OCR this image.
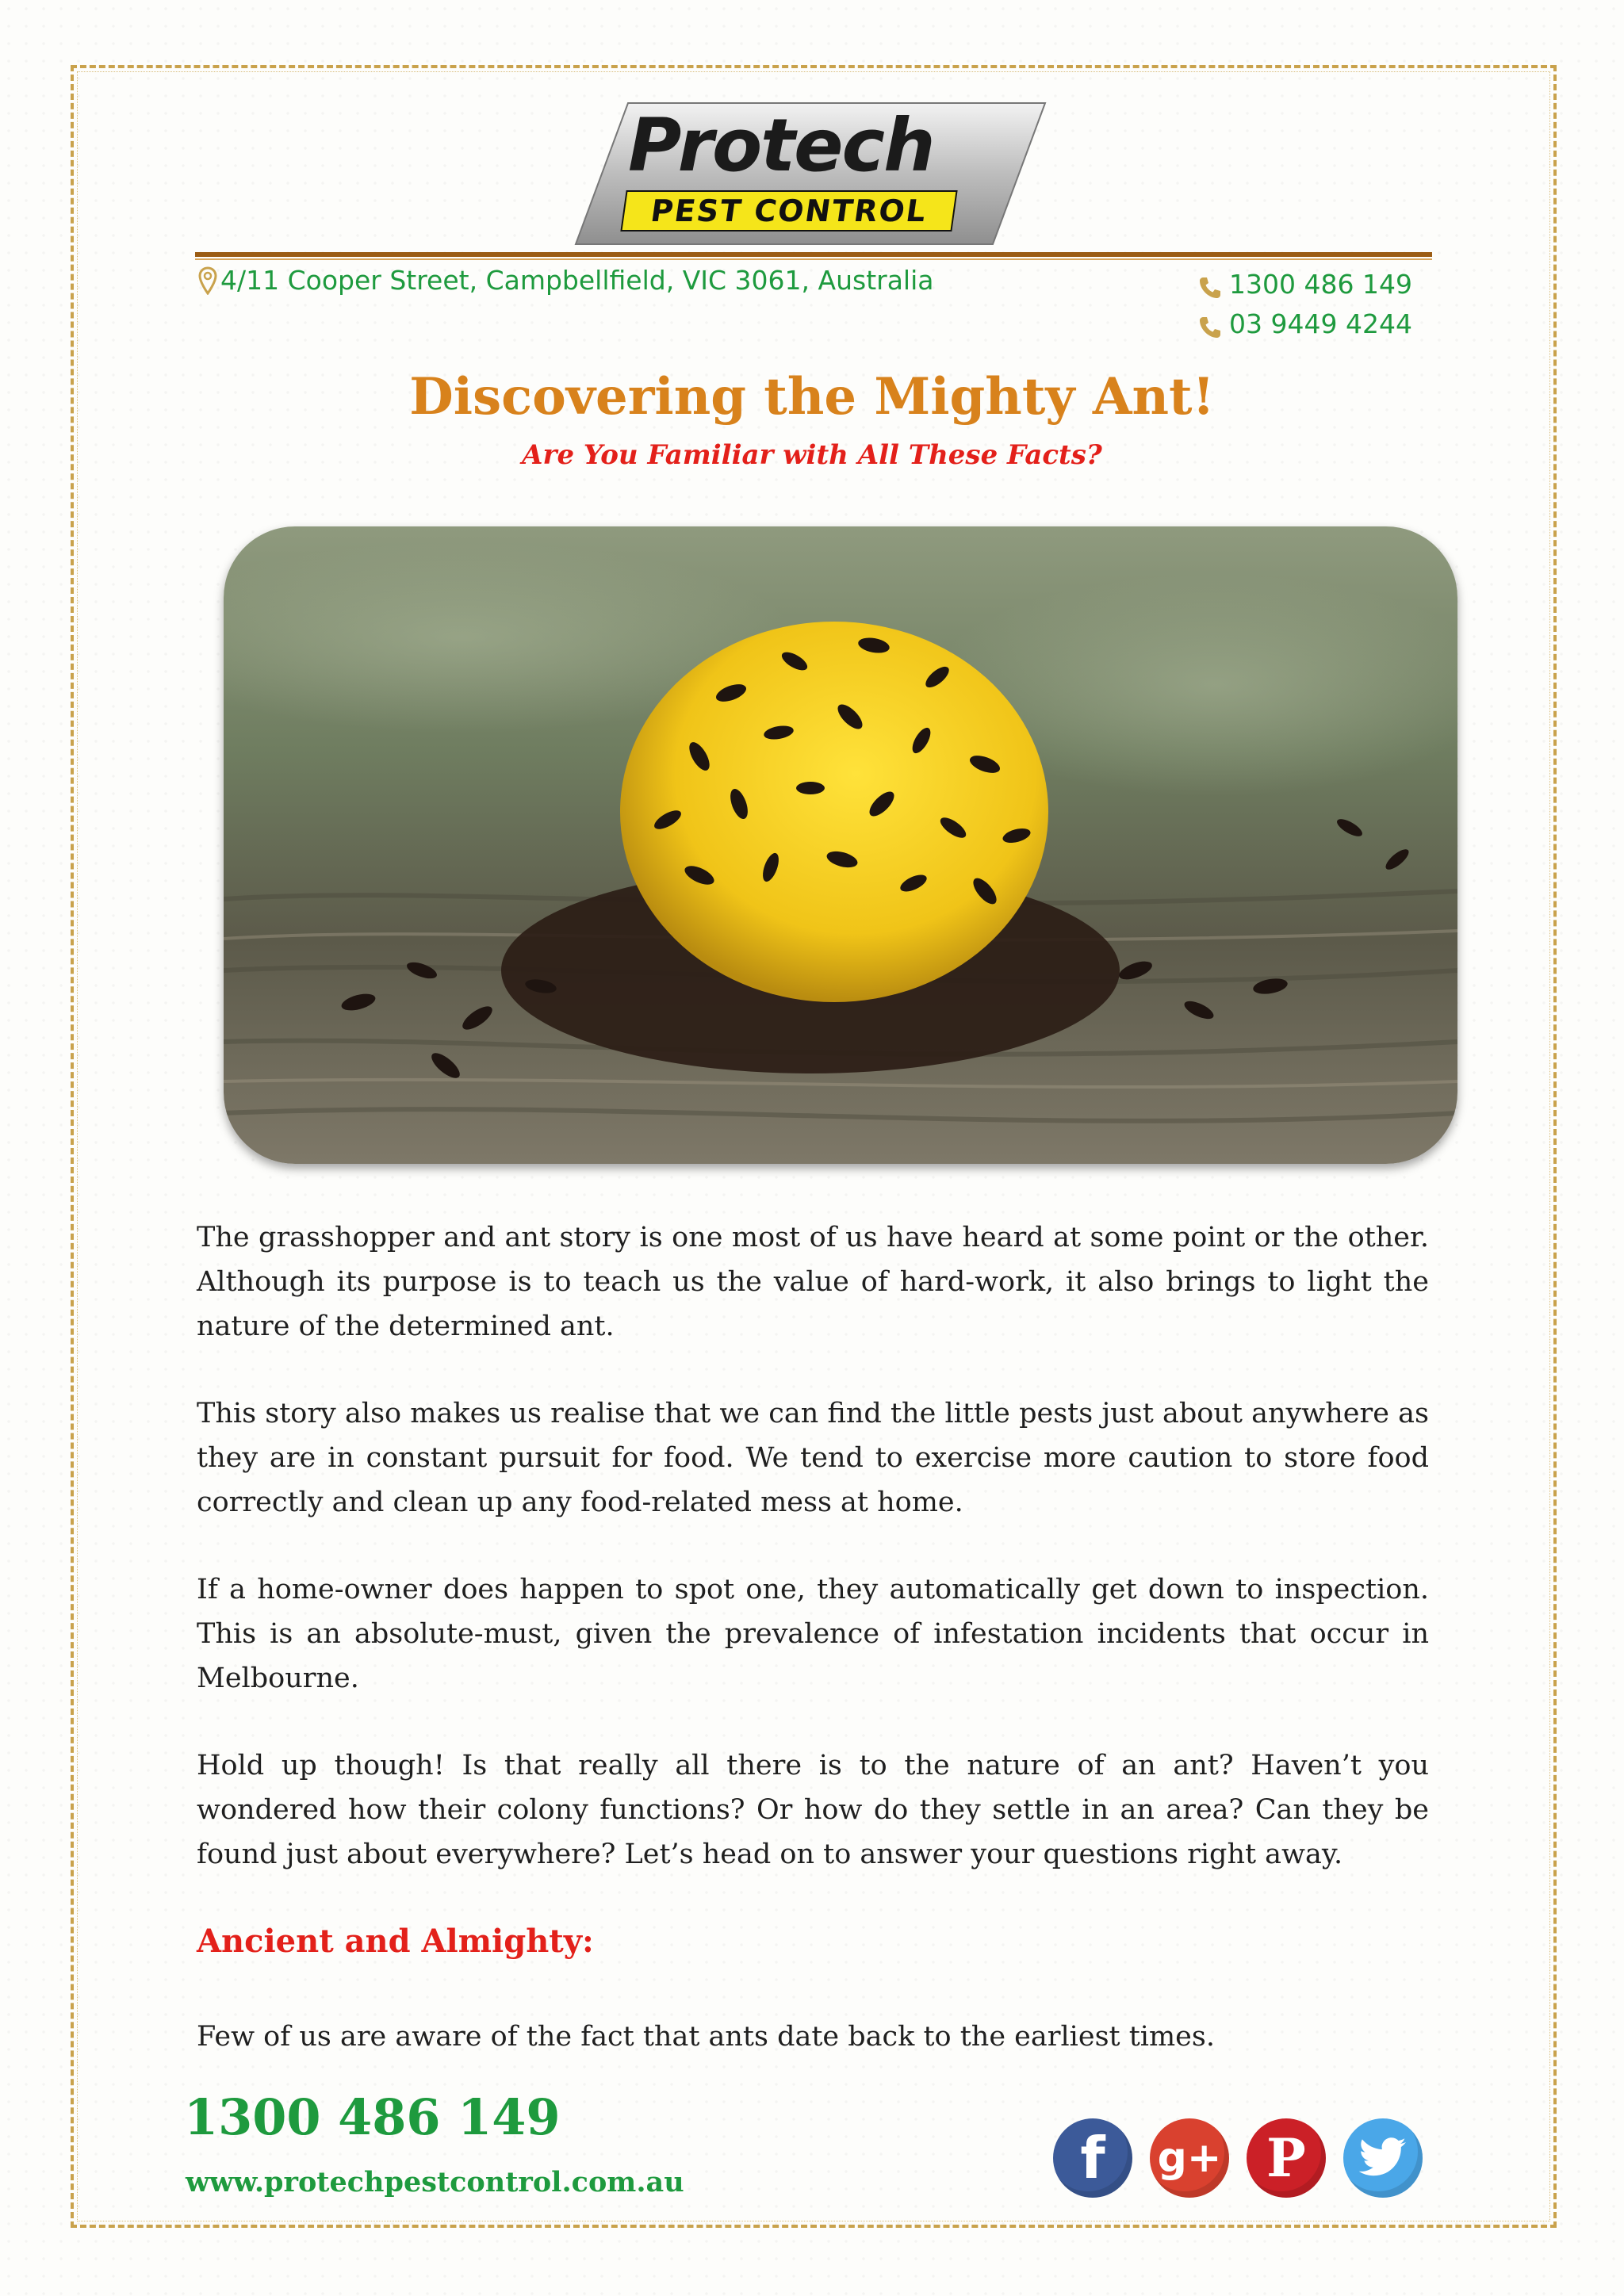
Protech
PEST CONTROL
4/11 Cooper Street, Campbellfield, VIC 3061, Australia	1300 486 149
03 9449 4244
Discovering the Mighty Ant!
Are You Familiar with All These Facts?

The grasshopper and ant story is one most of us have heard at some point or the other. Although its purpose is to teach us the value of hard-work, it also brings to light the nature of the determined ant.

This story also makes us realise that we can find the little pests just about anywhere as they are in constant pursuit for food. We tend to exercise more caution to store food correctly and clean up any food-related mess at home.

If a home-owner does happen to spot one, they automatically get down to inspection. This is an absolute-must, given the prevalence of infestation incidents that occur in Melbourne.

Hold up though! Is that really all there is to the nature of an ant? Haven’t you wondered how their colony functions? Or how do they settle in an area? Can they be found just about everywhere? Let’s head on to answer your questions right away.

Ancient and Almighty:

Few of us are aware of the fact that ants date back to the earliest times.

1300 486 149
www.protechpestcontrol.com.au	f g+ P
